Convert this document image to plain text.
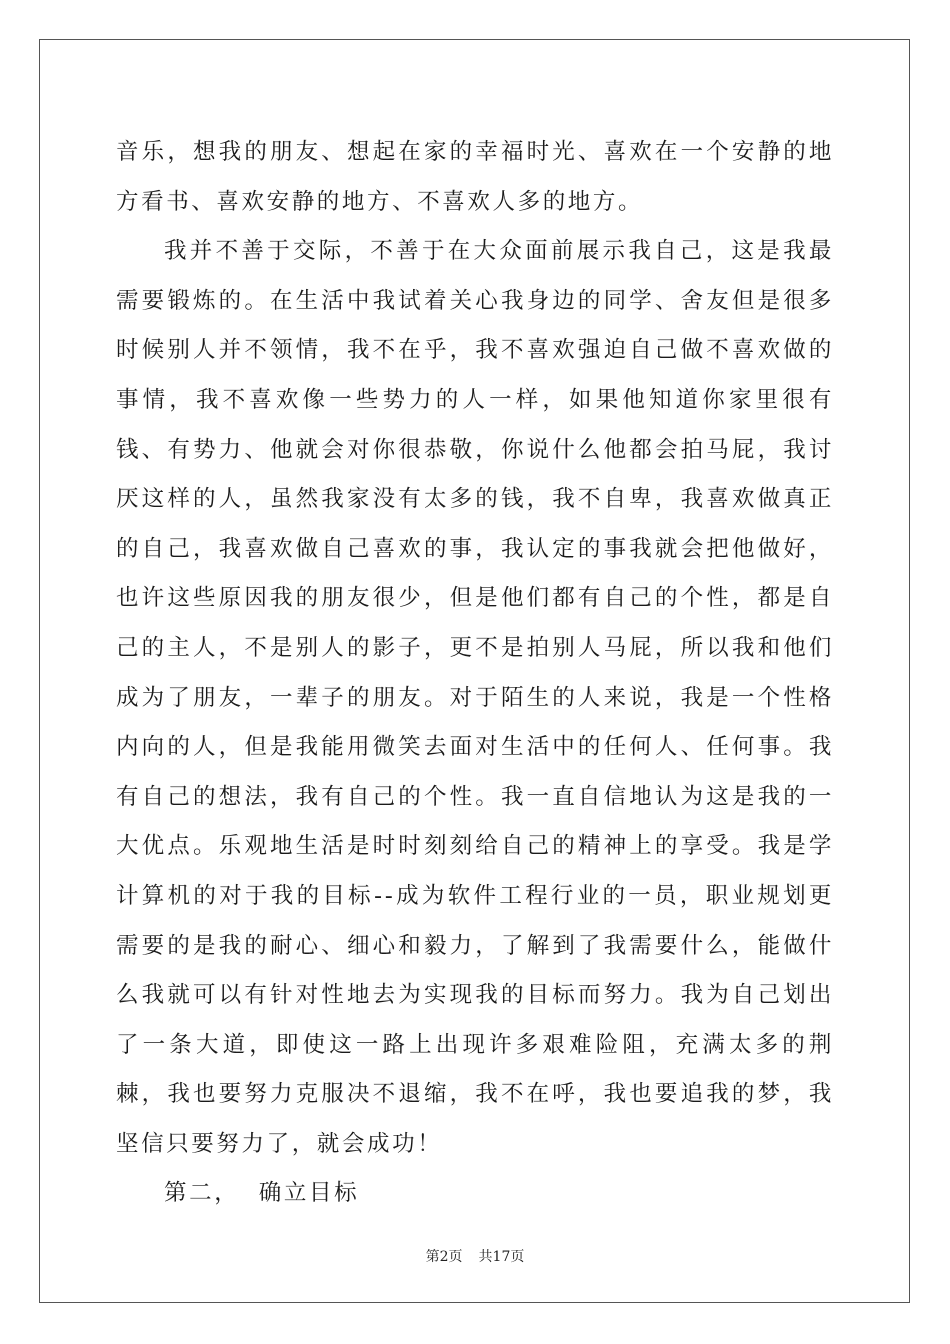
音乐，想我的朋友、想起在家的幸福时光、喜欢在一个安静的地方看书、喜欢安静的地方、不喜欢人多的地方。

我并不善于交际，不善于在大众面前展示我自己，这是我最需要锻炼的。在生活中我试着关心我身边的同学、舍友但是很多时候别人并不领情，我不在乎，我不喜欢强迫自己做不喜欢做的事情，我不喜欢像一些势力的人一样，如果他知道你家里很有钱、有势力、他就会对你很恭敬，你说什么他都会拍马屁，我讨厌这样的人，虽然我家没有太多的钱，我不自卑，我喜欢做真正的自己，我喜欢做自己喜欢的事，我认定的事我就会把他做好，也许这些原因我的朋友很少，但是他们都有自己的个性，都是自己的主人，不是别人的影子，更不是拍别人马屁，所以我和他们成为了朋友，一辈子的朋友。对于陌生的人来说，我是一个性格内向的人，但是我能用微笑去面对生活中的任何人、任何事。我有自己的想法，我有自己的个性。我一直自信地认为这是我的一大优点。乐观地生活是时时刻刻给自己的精神上的享受。我是学计算机的对于我的目标--成为软件工程行业的一员，职业规划更需要的是我的耐心、细心和毅力，了解到了我需要什么，能做什么我就可以有针对性地去为实现我的目标而努力。我为自己划出了一条大道，即使这一路上出现许多艰难险阻，充满太多的荆棘，我也要努力克服决不退缩，我不在呼，我也要追我的梦，我坚信只要努力了，就会成功！

第二，  确立目标

第2页 共17页
